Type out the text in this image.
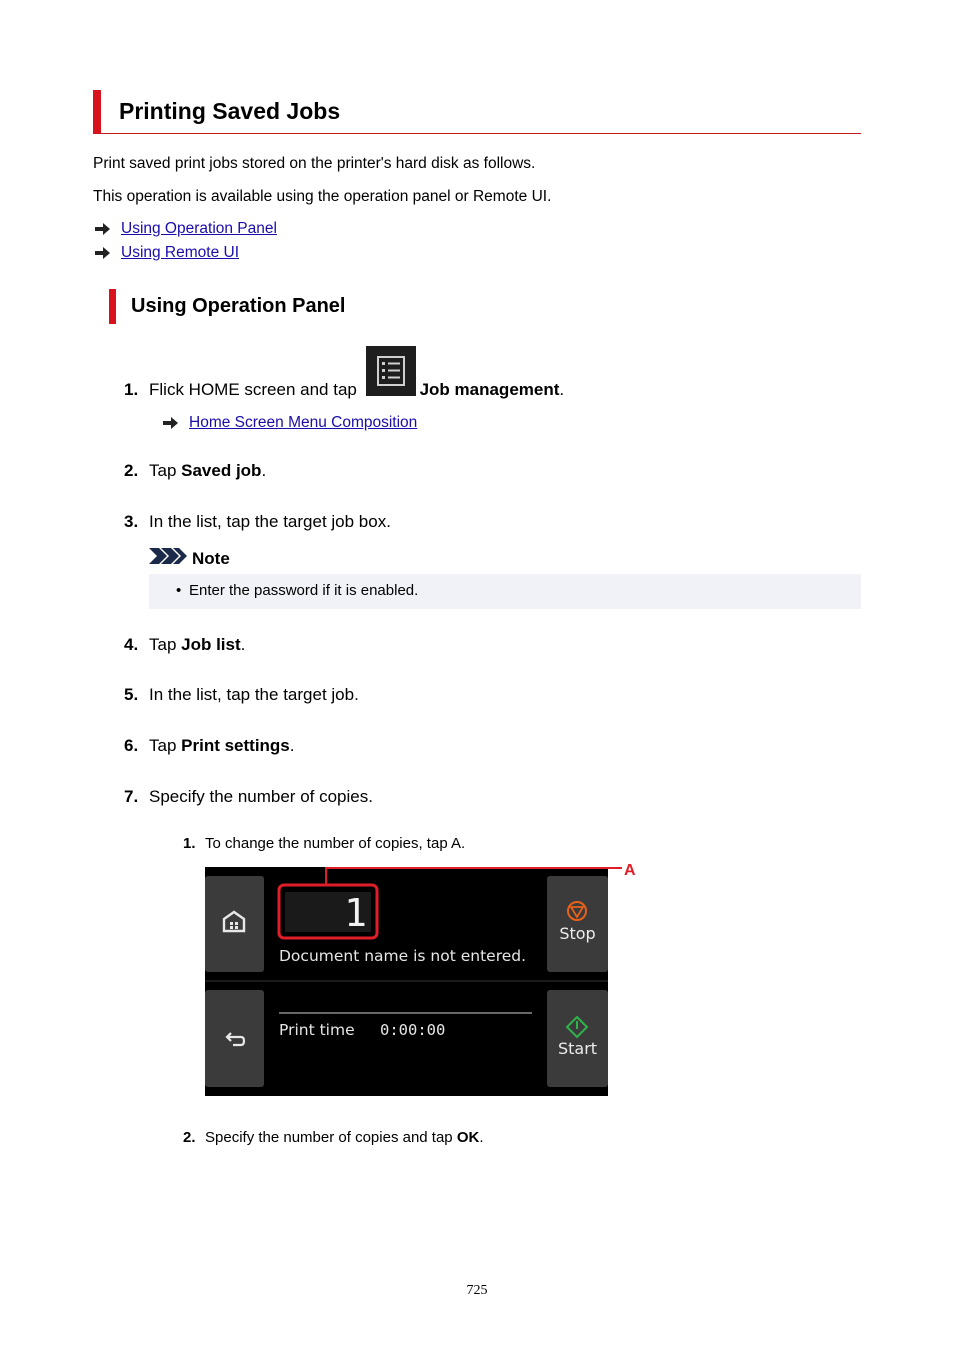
Printing Saved Jobs
Print saved print jobs stored on the printer's hard disk as follows.
This operation is available using the operation panel or Remote UI.
Using Operation Panel
Using Remote UI
Using Operation Panel
1. Flick HOME screen and tap	Job management .
Home Screen Menu Composition
2. Tap Saved job .
3. In the list, tap the target job box.
Note
• Enter the password if it is enabled.
4. Tap Job list .
5. In the list, tap the target job.
6. Tap Print settings .
7. Specify the number of copies.
1. To change the number of copies, tap A.
1
Document name is not entered.
Print time 0:00:00
Stop
Start
A
2. Specify the number of copies and tap OK .
725
